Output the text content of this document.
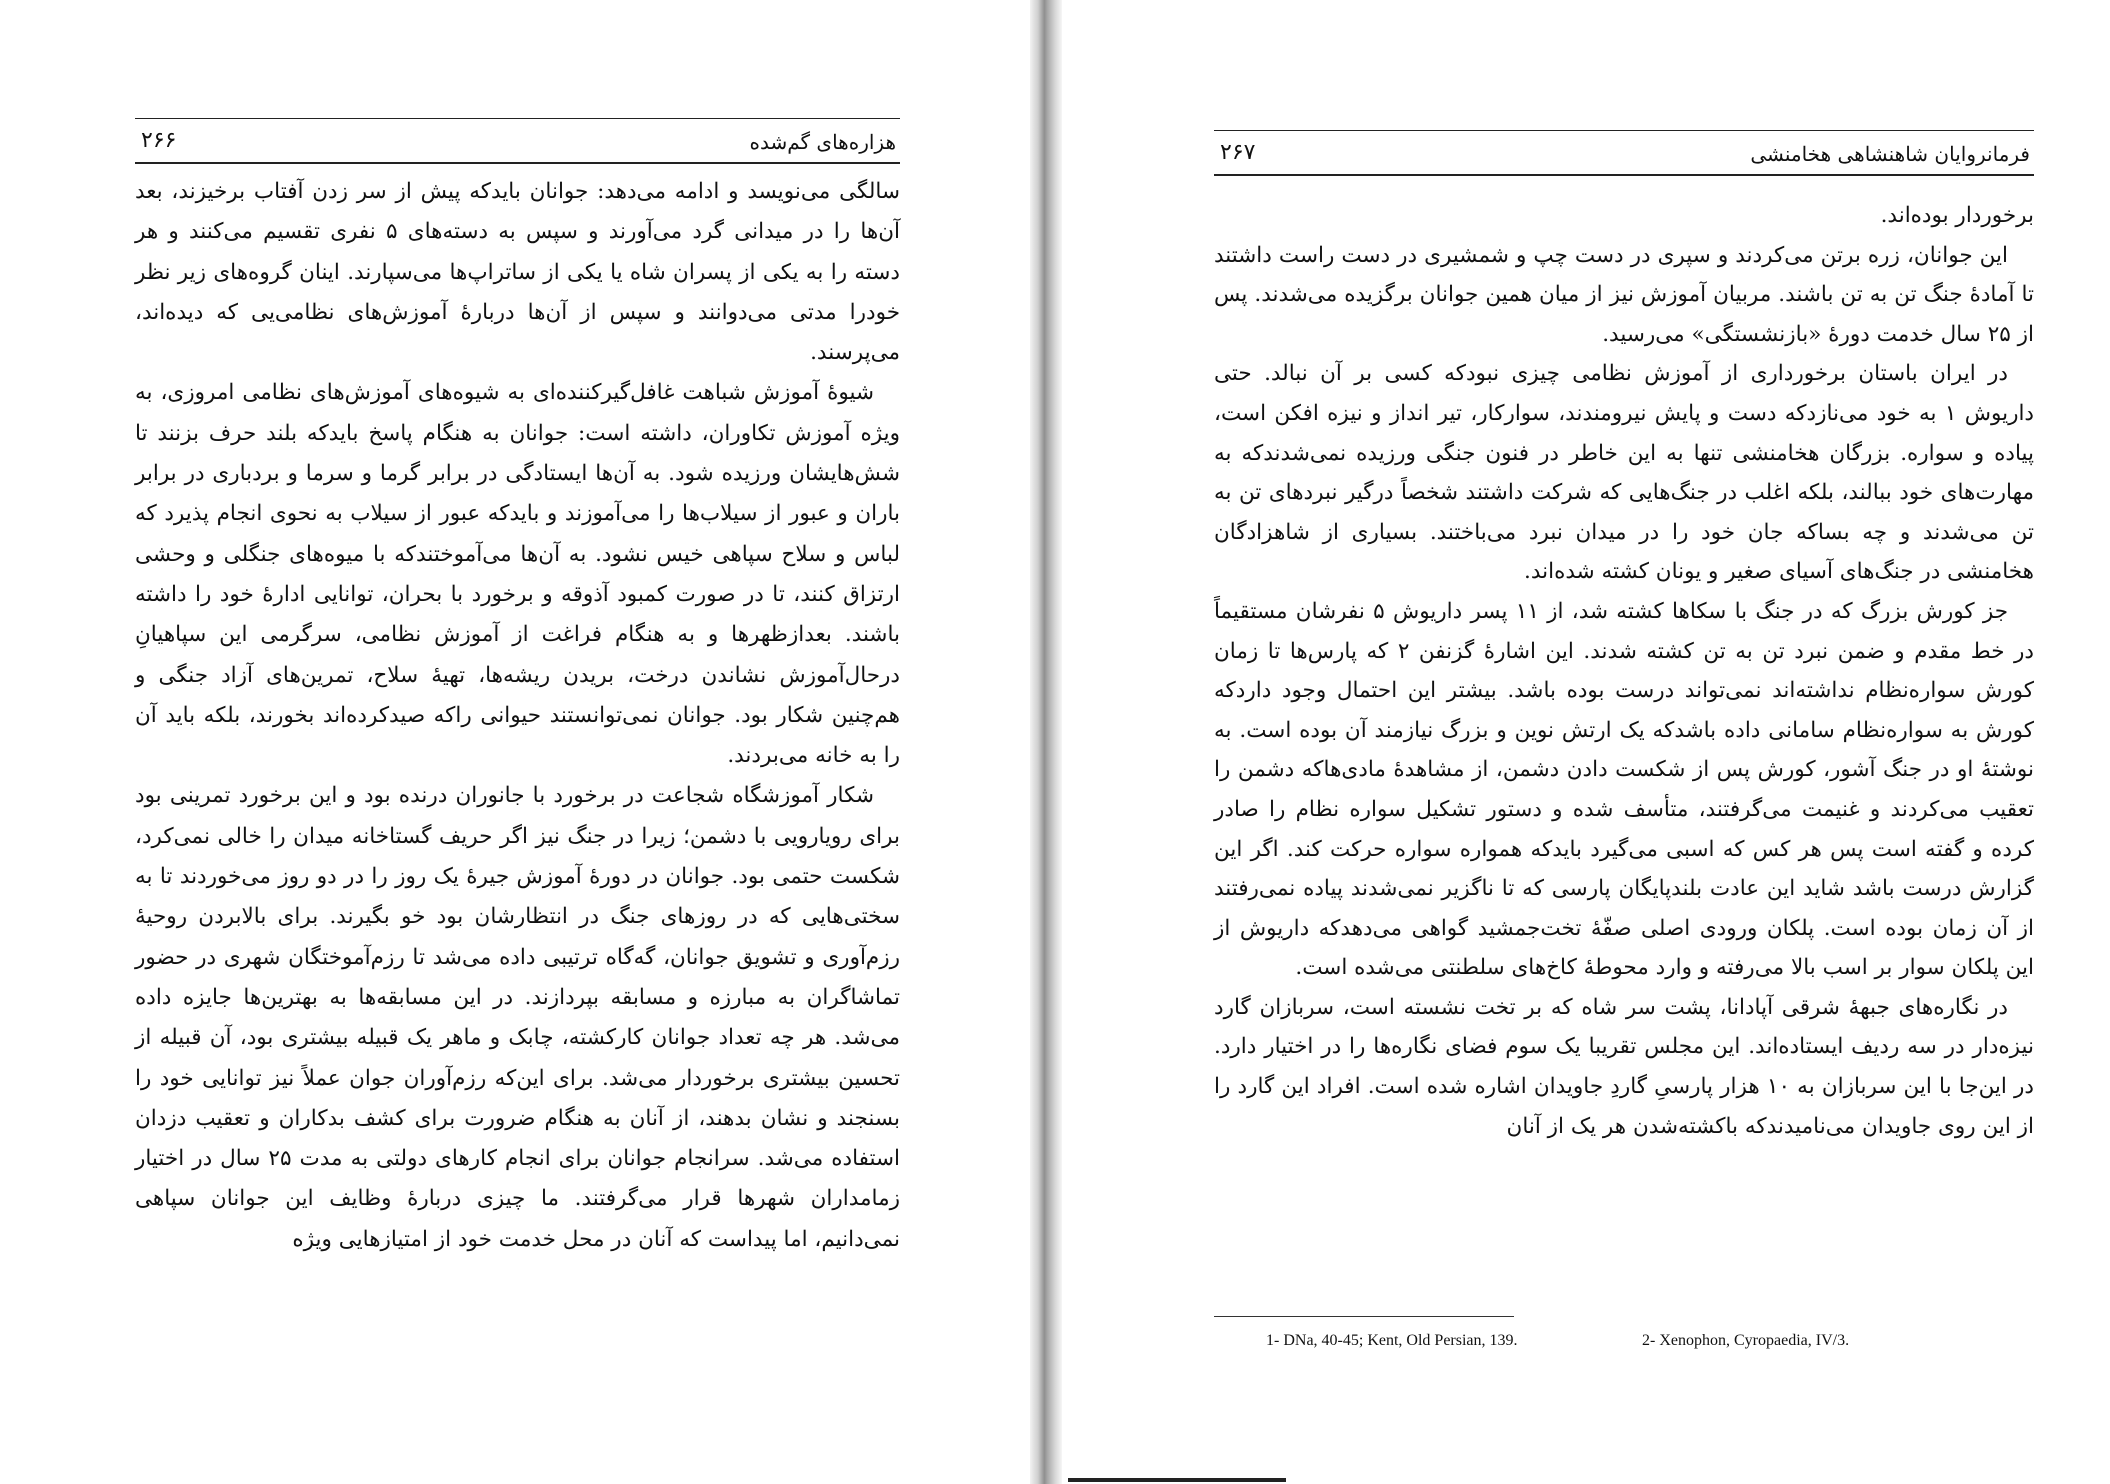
هزاره‌های گم‌شده
۲۶۶

سالگی می‌نویسد و ادامه می‌دهد: جوانان بایدکه پیش از سر زدن آفتاب برخیزند، بعد آن‌ها را در میدانی گرد می‌آورند و سپس به دسته‌های ۵ نفری تقسیم می‌کنند و هر دسته را به یکی از پسران شاه یا یکی از ساتراپ‌ها می‌سپارند. اینان گروه‌های زیر نظر خودرا مدتی می‌دوانند و سپس از آن‌ها دربارهٔ آموزش‌های نظامی‌یی که دیده‌اند، می‌پرسند.

شیوهٔ آموزش شباهت غافل‌گیرکننده‌ای به شیوه‌های آموزش‌های نظامی امروزی، به ویژه آموزش تکاوران، داشته است: جوانان به هنگام پاسخ بایدکه بلند حرف بزنند تا شش‌هایشان ورزیده شود. به آن‌ها ایستادگی در برابر گرما و سرما و بردباری در برابر باران و عبور از سیلاب‌ها را می‌آموزند و بایدکه عبور از سیلاب به نحوی انجام پذیرد که لباس و سلاح سپاهی خیس نشود. به آن‌ها می‌آموختندکه با میوه‌های جنگلی و وحشی ارتزاق کنند، تا در صورت کمبود آذوقه و برخورد با بحران، توانایی ادارهٔ خود را داشته باشند. بعدازظهرها و به هنگام فراغت از آموزش نظامی، سرگرمی این سپاهیانِ درحال‌آموزش نشاندن درخت، بریدن ریشه‌ها، تهیهٔ سلاح، تمرین‌های آزاد جنگی و هم‌چنین شکار بود. جوانان نمی‌توانستند حیوانی راکه صیدکرده‌اند بخورند، بلکه باید آن را به خانه می‌بردند.

شکار آموزشگاه شجاعت در برخورد با جانوران درنده بود و این برخورد تمرینی بود برای رویارویی با دشمن؛ زیرا در جنگ نیز اگر حریف گستاخانه میدان را خالی نمی‌کرد، شکست حتمی بود. جوانان در دورهٔ آموزش جیرهٔ یک روز را در دو روز می‌خوردند تا به سختی‌هایی که در روزهای جنگ در انتظارشان بود خو بگیرند. برای بالابردن روحیهٔ رزم‌آوری و تشویق جوانان، گه‌گاه ترتیبی داده می‌شد تا رزم‌آموختگان شهری در حضور تماشاگران به مبارزه و مسابقه بپردازند. در این مسابقه‌ها به بهترین‌ها جایزه داده می‌شد. هر چه تعداد جوانان کارکشته، چابک و ماهر یک قبیله بیشتری بود، آن قبیله از تحسین بیشتری برخوردار می‌شد. برای این‌که رزم‌آوران جوان عملاً نیز توانایی خود را بسنجند و نشان بدهند، از آنان به هنگام ضرورت برای کشف بدکاران و تعقیب دزدان استفاده می‌شد. سرانجام جوانان برای انجام کارهای دولتی به مدت ۲۵ سال در اختیار زمامداران شهرها قرار می‌گرفتند. ما چیزی دربارهٔ وظایف این جوانان سپاهی نمی‌دانیم، اما پیداست که آنان در محل خدمت خود از امتیازهایی ویژه

فرمانروایان شاهنشاهی هخامنشی
۲۶۷

برخوردار بوده‌اند.

این جوانان، زره برتن می‌کردند و سپری در دست چپ و شمشیری در دست راست داشتند تا آمادهٔ جنگ تن به تن باشند. مربیان آموزش نیز از میان همین جوانان برگزیده می‌شدند. پس از ۲۵ سال خدمت دورهٔ «بازنشستگی» می‌رسید.

در ایران باستان برخورداری از آموزش نظامی چیزی نبودکه کسی بر آن نبالد. حتی داریوش ۱ به خود می‌نازدکه دست و پایش نیرومندند، سوارکار، تیر انداز و نیزه افکن است، پیاده و سواره. بزرگان هخامنشی تنها به این خاطر در فنون جنگی ورزیده نمی‌شدندکه به مهارت‌های خود ببالند، بلکه اغلب در جنگ‌هایی که شرکت داشتند شخصاً درگیر نبردهای تن به تن می‌شدند و چه بساکه جان خود را در میدان نبرد می‌باختند. بسیاری از شاهزادگان هخامنشی در جنگ‌های آسیای صغیر و یونان کشته شده‌اند.

جز کورش بزرگ که در جنگ با سکاها کشته شد، از ۱۱ پسر داریوش ۵ نفرشان مستقیماً در خط مقدم و ضمن نبرد تن به تن کشته شدند. این اشارهٔ گزنفن ۲ که پارس‌ها تا زمان کورش سواره‌نظام نداشته‌اند نمی‌تواند درست بوده باشد. بیشتر این احتمال وجود داردکه کورش به سواره‌نظام سامانی داده باشدکه یک ارتش نوین و بزرگ نیازمند آن بوده است. به نوشتهٔ او در جنگ آشور، کورش پس از شکست دادن دشمن، از مشاهدهٔ مادی‌هاکه دشمن را تعقیب می‌کردند و غنیمت می‌گرفتند، متأسف شده و دستور تشکیل سواره نظام را صادر کرده و گفته است پس هر کس که اسبی می‌گیرد بایدکه همواره سواره حرکت کند. اگر این گزارش درست باشد شاید این عادت بلندپایگان پارسی که تا ناگزیر نمی‌شدند پیاده نمی‌رفتند از آن زمان بوده است. پلکان ورودی اصلی صفّهٔ تخت‌جمشید گواهی می‌دهدکه داریوش از این پلکان سوار بر اسب بالا می‌رفته و وارد محوطهٔ کاخ‌های سلطنتی می‌شده است.

در نگاره‌های جبههٔ شرقی آپادانا، پشت سر شاه که بر تخت نشسته است، سربازان گارد نیزه‌دار در سه ردیف ایستاده‌اند. این مجلس تقریبا یک سوم فضای نگاره‌ها را در اختیار دارد. در این‌جا با این سربازان به ۱۰ هزار پارسیِ گاردِ جاویدان اشاره شده است. افراد این گارد را از این روی جاویدان می‌نامیدندکه باکشته‌شدن هر یک از آنان

1- DNa, 40-45; Kent, Old Persian, 139.	2- Xenophon, Cyropaedia, IV/3.
